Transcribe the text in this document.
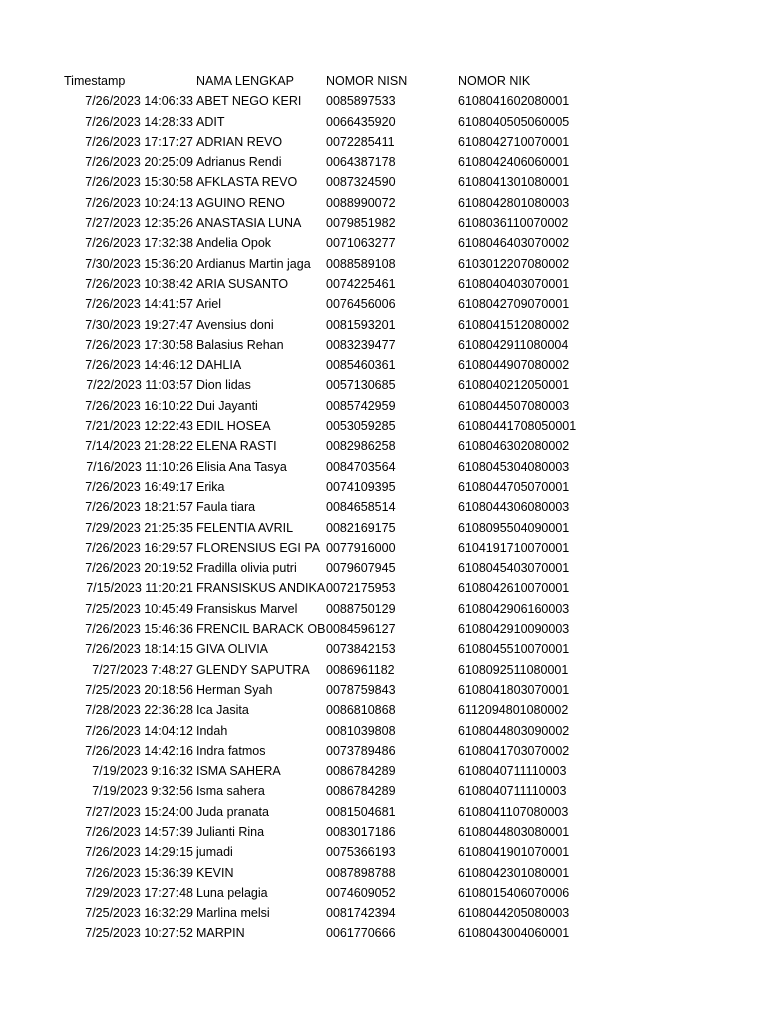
Timestamp	NAMA LENGKAP	NOMOR NISN	NOMOR NIK
7/26/2023 14:06:33 ABET NEGO KERI	0085897533	6108041602080001
7/26/2023 14:28:33 ADIT	0066435920	6108040505060005
7/26/2023 17:17:27 ADRIAN REVO	0072285411	6108042710070001
7/26/2023 20:25:09 Adrianus Rendi	0064387178	6108042406060001
7/26/2023 15:30:58 AFKLASTA REVO	0087324590	6108041301080001
7/26/2023 10:24:13 AGUINO RENO	0088990072	6108042801080003
7/27/2023 12:35:26 ANASTASIA LUNA	0079851982	6108036110070002
7/26/2023 17:32:38 Andelia Opok	0071063277	6108046403070002
7/30/2023 15:36:20 Ardianus Martin jaga	0088589108	6103012207080002
7/26/2023 10:38:42 ARIA SUSANTO	0074225461	6108040403070001
7/26/2023 14:41:57 Ariel	0076456006	6108042709070001
7/30/2023 19:27:47 Avensius doni	0081593201	6108041512080002
7/26/2023 17:30:58 Balasius Rehan	0083239477	6108042911080004
7/26/2023 14:46:12 DAHLIA	0085460361	6108044907080002
7/22/2023 11:03:57 Dion lidas	0057130685	6108040212050001
7/26/2023 16:10:22 Dui Jayanti	0085742959	6108044507080003
7/21/2023 12:22:43 EDIL HOSEA	0053059285	61080441708050001
7/14/2023 21:28:22 ELENA RASTI	0082986258	6108046302080002
7/16/2023 11:10:26 Elisia Ana Tasya	0084703564	6108045304080003
7/26/2023 16:49:17 Erika	0074109395	6108044705070001
7/26/2023 18:21:57 Faula tiara	0084658514	6108044306080003
7/29/2023 21:25:35 FELENTIA AVRIL	0082169175	6108095504090001
7/26/2023 16:29:57 FLORENSIUS EGI PA 0077916000	6104191710070001
7/26/2023 20:19:52 Fradilla olivia putri	0079607945	6108045403070001
7/15/2023 11:20:21 FRANSISKUS ANDIKA 0072175953	6108042610070001
7/25/2023 10:45:49 Fransiskus Marvel	0088750129	6108042906160003
7/26/2023 15:46:36 FRENCIL BARACK OB 0084596127	6108042910090003
7/26/2023 18:14:15 GIVA OLIVIA	0073842153	6108045510070001
7/27/2023 7:48:27 GLENDY SAPUTRA	0086961182	6108092511080001
7/25/2023 20:18:56 Herman Syah	0078759843	6108041803070001
7/28/2023 22:36:28 Ica Jasita	0086810868	6112094801080002
7/26/2023 14:04:12 Indah	0081039808	6108044803090002
7/26/2023 14:42:16 Indra fatmos	0073789486	6108041703070002
7/19/2023 9:16:32 ISMA SAHERA	0086784289	6108040711110003
7/19/2023 9:32:56 Isma sahera	0086784289	6108040711110003
7/27/2023 15:24:00 Juda pranata	0081504681	6108041107080003
7/26/2023 14:57:39 Julianti Rina	0083017186	6108044803080001
7/26/2023 14:29:15 jumadi	0075366193	6108041901070001
7/26/2023 15:36:39 KEVIN	0087898788	6108042301080001
7/29/2023 17:27:48 Luna pelagia	0074609052	6108015406070006
7/25/2023 16:32:29 Marlina melsi	0081742394	6108044205080003
7/25/2023 10:27:52 MARPIN	0061770666	6108043004060001
